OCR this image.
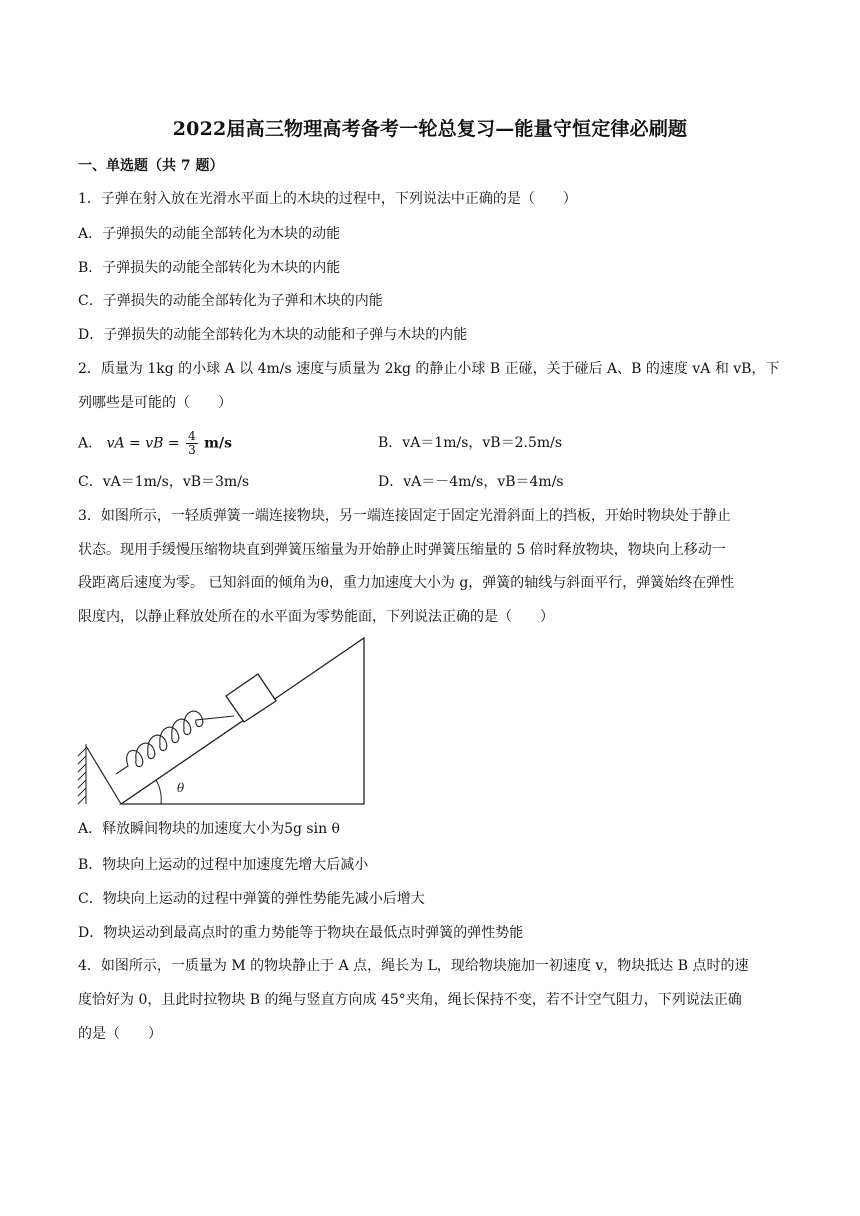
2022届高三物理高考备考一轮总复习—能量守恒定律必刷题
一、单选题（共 7 题）
1．子弹在射入放在光滑水平面上的木块的过程中，下列说法中正确的是（　　）
A．子弹损失的动能全部转化为木块的动能
B．子弹损失的动能全部转化为木块的内能
C．子弹损失的动能全部转化为子弹和木块的内能
D．子弹损失的动能全部转化为木块的动能和子弹与木块的内能
2．质量为 1kg 的小球 A 以 4m/s 速度与质量为 2kg 的静止小球 B 正碰，关于碰后 A、B 的速度 vA 和 vB，下
列哪些是可能的（　　）
A． vA = vB = $\frac{4}{3} m/s$	B．vA＝1m/s，vB＝2.5m/s
C．vA＝1m/s，vB＝3m/s	D．vA＝－4m/s，vB＝4m/s
3．如图所示，一轻质弹簧一端连接物块，另一端连接固定于固定光滑斜面上的挡板，开始时物块处于静止
状态。现用手缓慢压缩物块直到弹簧压缩量为开始静止时弹簧压缩量的 5 倍时释放物块，物块向上移动一
段距离后速度为零。 已知斜面的倾角为θ，重力加速度大小为 g，弹簧的轴线与斜面平行，弹簧始终在弹性
限度内，以静止释放处所在的水平面为零势能面，下列说法正确的是（　　）
θ
A．释放瞬间物块的加速度大小为5g sin θ
B．物块向上运动的过程中加速度先增大后减小
C．物块向上运动的过程中弹簧的弹性势能先减小后增大
D．物块运动到最高点时的重力势能等于物块在最低点时弹簧的弹性势能
4．如图所示，一质量为 M 的物块静止于 A 点，绳长为 L，现给物块施加一初速度 v，物块抵达 B 点时的速
度恰好为 0，且此时拉物块 B 的绳与竖直方向成 45°夹角，绳长保持不变，若不计空气阻力，下列说法正确
的是（　　）
